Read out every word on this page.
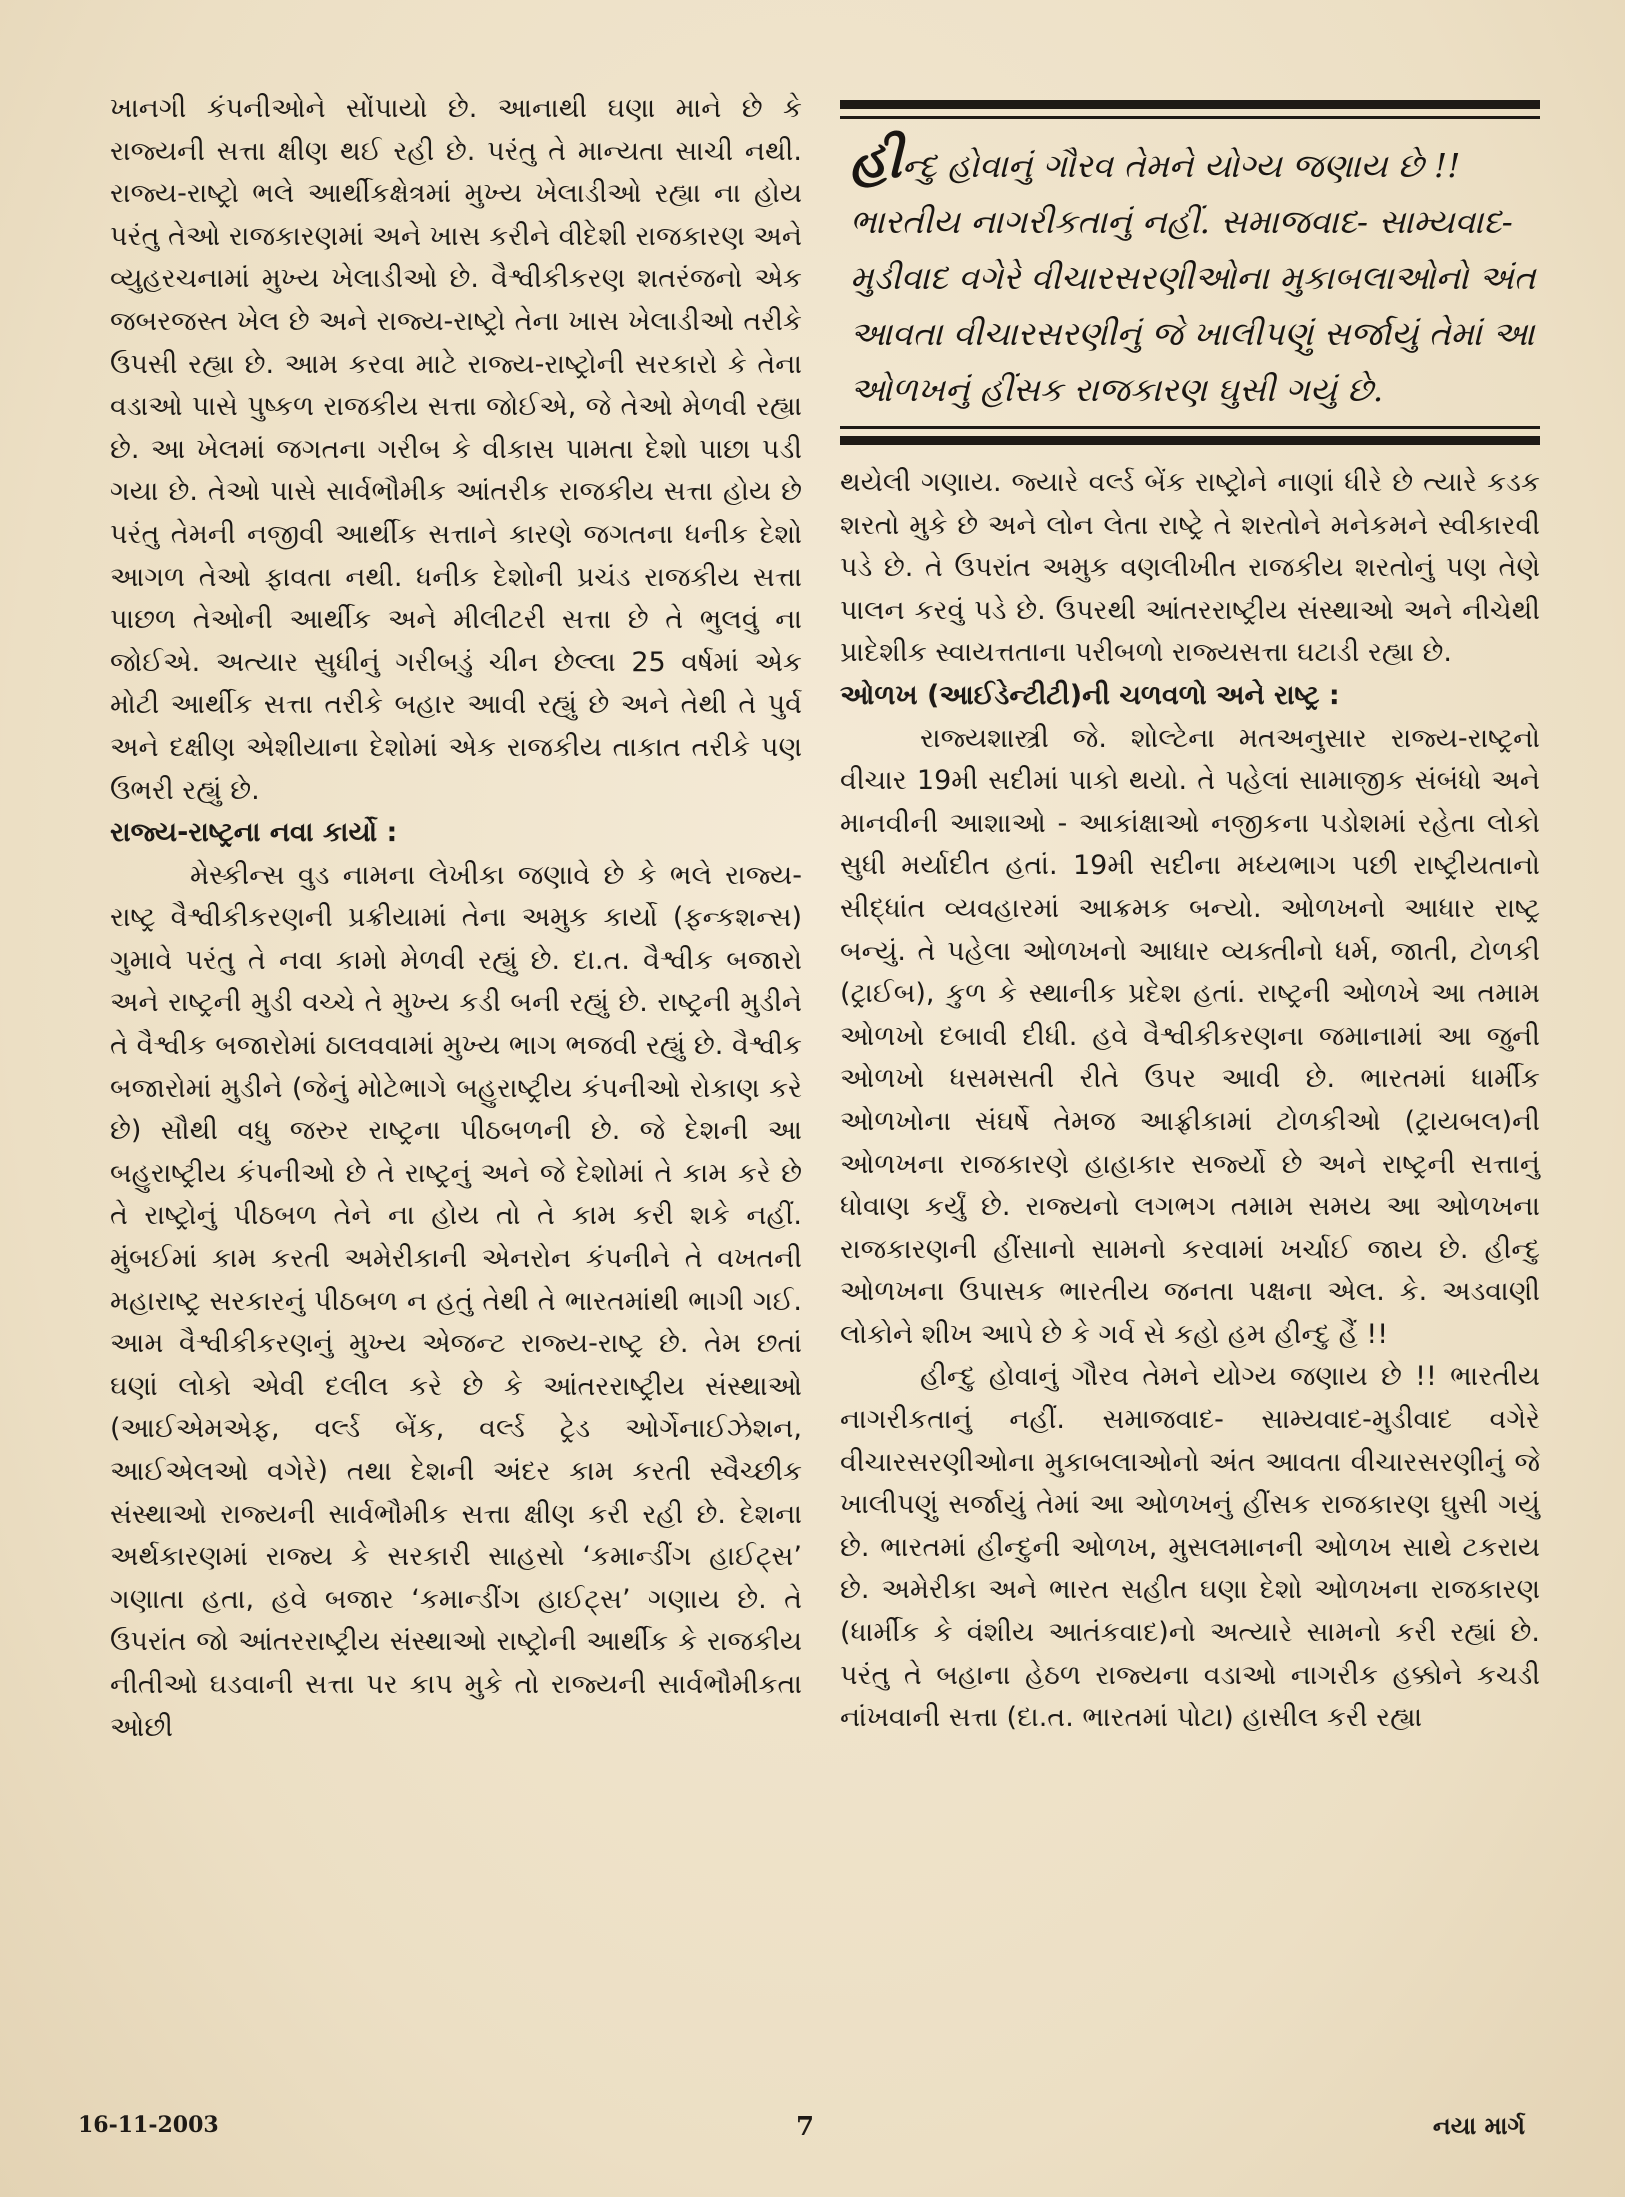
ખાનગી કંપનીઓને સોંપાયો છે. આનાથી ઘણા માને છે કે રાજ્યની સત્તા ક્ષીણ થઈ રહી છે. પરંતુ તે માન્યતા સાચી નથી. રાજ્ય-રાષ્ટ્રો ભલે આર્થીકક્ષેત્રમાં મુખ્ય ખેલાડીઓ રહ્યા ના હોય પરંતુ તેઓ રાજકારણમાં અને ખાસ કરીને વીદેશી રાજકારણ અને વ્યુહરચનામાં મુખ્ય ખેલાડીઓ છે. વૈશ્વીકીકરણ શતરંજનો એક જબરજસ્ત ખેલ છે અને રાજ્ય-રાષ્ટ્રો તેના ખાસ ખેલાડીઓ તરીકે ઉપસી રહ્યા છે. આમ કરવા માટે રાજ્ય-રાષ્ટ્રોની સરકારો કે તેના વડાઓ પાસે પુષ્કળ રાજકીય સત્તા જોઈએ, જે તેઓ મેળવી રહ્યા છે. આ ખેલમાં જગતના ગરીબ કે વીકાસ પામતા દેશો પાછા પડી ગયા છે. તેઓ પાસે સાર્વભૌમીક આંતરીક રાજકીય સત્તા હોય છે પરંતુ તેમની નજીવી આર્થીક સત્તાને કારણે જગતના ધનીક દેશો આગળ તેઓ ફાવતા નથી. ધનીક દેશોની પ્રચંડ રાજકીય સત્તા પાછળ તેઓની આર્થીક અને મીલીટરી સત્તા છે તે ભુલવું ના જોઈએ. અત્યાર સુધીનું ગરીબડું ચીન છેલ્લા 25 વર્ષમાં એક મોટી આર્થીક સત્તા તરીકે બહાર આવી રહ્યું છે અને તેથી તે પુર્વ અને દક્ષીણ એશીયાના દેશોમાં એક રાજકીય તાકાત તરીકે પણ ઉભરી રહ્યું છે.

રાજ્ય-રાષ્ટ્રના નવા કાર્યો :

મેસ્કીન્સ વુડ નામના લેખીકા જણાવે છે કે ભલે રાજ્ય-રાષ્ટ્ર વૈશ્વીકીકરણની પ્રક્રીયામાં તેના અમુક કાર્યો (ફન્કશન્સ) ગુમાવે પરંતુ તે નવા કામો મેળવી રહ્યું છે. દા.ત. વૈશ્વીક બજારો અને રાષ્ટ્રની મુડી વચ્ચે તે મુખ્ય કડી બની રહ્યું છે. રાષ્ટ્રની મુડીને તે વૈશ્વીક બજારોમાં ઠાલવવામાં મુખ્ય ભાગ ભજવી રહ્યું છે. વૈશ્વીક બજારોમાં મુડીને (જેનું મોટેભાગે બહુરાષ્ટ્રીય કંપનીઓ રોકાણ કરે છે) સૌથી વધુ જરુર રાષ્ટ્રના પીઠબળની છે. જે દેશની આ બહુરાષ્ટ્રીય કંપનીઓ છે તે રાષ્ટ્રનું અને જે દેશોમાં તે કામ કરે છે તે રાષ્ટ્રોનું પીઠબળ તેને ના હોય તો તે કામ કરી શકે નહીં. મુંબઈમાં કામ કરતી અમેરીકાની એનરોન કંપનીને તે વખતની મહારાષ્ટ્ર સરકારનું પીઠબળ ન હતું તેથી તે ભારતમાંથી ભાગી ગઈ. આમ વૈશ્વીકીકરણનું મુખ્ય એજન્ટ રાજ્ય-રાષ્ટ્ર છે. તેમ છતાં ઘણાં લોકો એવી દલીલ કરે છે કે આંતરરાષ્ટ્રીય સંસ્થાઓ (આઈએમએફ, વર્લ્ડ બેંક, વર્લ્ડ ટ્રેડ ઓર્ગેનાઈઝેશન, આઈએલઓ વગેરે) તથા દેશની અંદર કામ કરતી સ્વૈચ્છીક સંસ્થાઓ રાજ્યની સાર્વભૌમીક સત્તા ક્ષીણ કરી રહી છે. દેશના અર્થકારણમાં રાજ્ય કે સરકારી સાહસો ‘કમાન્ડીંગ હાઈટ્સ’ ગણાતા હતા, હવે બજાર ‘કમાન્ડીંગ હાઈટ્સ’ ગણાય છે. તે ઉપરાંત જો આંતરરાષ્ટ્રીય સંસ્થાઓ રાષ્ટ્રોની આર્થીક કે રાજકીય નીતીઓ ઘડવાની સત્તા પર કાપ મુકે તો રાજ્યની સાર્વભૌમીકતા ઓછી

હીન્દુ હોવાનું ગૌરવ તેમને યોગ્ય જણાય છે !! ભારતીય નાગરીકતાનું નહીં. સમાજવાદ- સામ્યવાદ-મુડીવાદ વગેરે વીચારસરણીઓના મુકાબલાઓનો અંત આવતા વીચારસરણીનું જે ખાલીપણું સર્જાયું તેમાં આ ઓળખનું હીંસક રાજકારણ ઘુસી ગયું છે.

થયેલી ગણાય. જ્યારે વર્લ્ડ બેંક રાષ્ટ્રોને નાણાં ધીરે છે ત્યારે કડક શરતો મુકે છે અને લોન લેતા રાષ્ટ્રે તે શરતોને મનેકમને સ્વીકારવી પડે છે. તે ઉપરાંત અમુક વણલીખીત રાજકીય શરતોનું પણ તેણે પાલન કરવું પડે છે. ઉપરથી આંતરરાષ્ટ્રીય સંસ્થાઓ અને નીચેથી પ્રાદેશીક સ્વાયત્તતાના પરીબળો રાજ્યસત્તા ઘટાડી રહ્યા છે.

ઓળખ (આઈડેન્ટીટી)ની ચળવળો અને રાષ્ટ્ર :

રાજ્યશાસ્ત્રી જે. શોલ્ટેના મતઅનુસાર રાજ્ય-રાષ્ટ્રનો વીચાર 19મી સદીમાં પાકો થયો. તે પહેલાં સામાજીક સંબંધો અને માનવીની આશાઓ - આકાંક્ષાઓ નજીકના પડોશમાં રહેતા લોકો સુધી મર્યાદીત હતાં. 19મી સદીના મધ્યભાગ પછી રાષ્ટ્રીયતાનો સીદ્ધાંત વ્યવહારમાં આક્રમક બન્યો. ઓળખનો આધાર રાષ્ટ્ર બન્યું. તે પહેલા ઓળખનો આધાર વ્યક્તીનો ધર્મ, જાતી, ટોળકી (ટ્રાઈબ), કુળ કે સ્થાનીક પ્રદેશ હતાં. રાષ્ટ્રની ઓળખે આ તમામ ઓળખો દબાવી દીધી. હવે વૈશ્વીકીકરણના જમાનામાં આ જુની ઓળખો ધસમસતી રીતે ઉપર આવી છે. ભારતમાં ધાર્મીક ઓળખોના સંઘર્ષે તેમજ આફ્રીકામાં ટોળકીઓ (ટ્રાયબલ)ની ઓળખના રાજકારણે હાહાકાર સર્જ્યો છે અને રાષ્ટ્રની સત્તાનું ધોવાણ કર્યું છે. રાજ્યનો લગભગ તમામ સમય આ ઓળખના રાજકારણની હીંસાનો સામનો કરવામાં ખર્ચાઈ જાય છે. હીન્દુ ઓળખના ઉપાસક ભારતીય જનતા પક્ષના એલ. કે. અડવાણી લોકોને શીખ આપે છે કે ગર્વ સે કહો હમ હીન્દુ હૈં !!

હીન્દુ હોવાનું ગૌરવ તેમને યોગ્ય જણાય છે !! ભારતીય નાગરીકતાનું નહીં. સમાજવાદ- સામ્યવાદ-મુડીવાદ વગેરે વીચારસરણીઓના મુકાબલાઓનો અંત આવતા વીચારસરણીનું જે ખાલીપણું સર્જાયું તેમાં આ ઓળખનું હીંસક રાજકારણ ઘુસી ગયું છે. ભારતમાં હીન્દુની ઓળખ, મુસલમાનની ઓળખ સાથે ટકરાય છે. અમેરીકા અને ભારત સહીત ઘણા દેશો ઓળખના રાજકારણ (ધાર્મીક કે વંશીય આતંકવાદ)નો અત્યારે સામનો કરી રહ્યાં છે. પરંતુ તે બહાના હેઠળ રાજ્યના વડાઓ નાગરીક હક્કોને કચડી નાંખવાની સત્તા (દા.ત. ભારતમાં પોટા) હાસીલ કરી રહ્યા

16-11-2003	7	નયા માર્ગ
